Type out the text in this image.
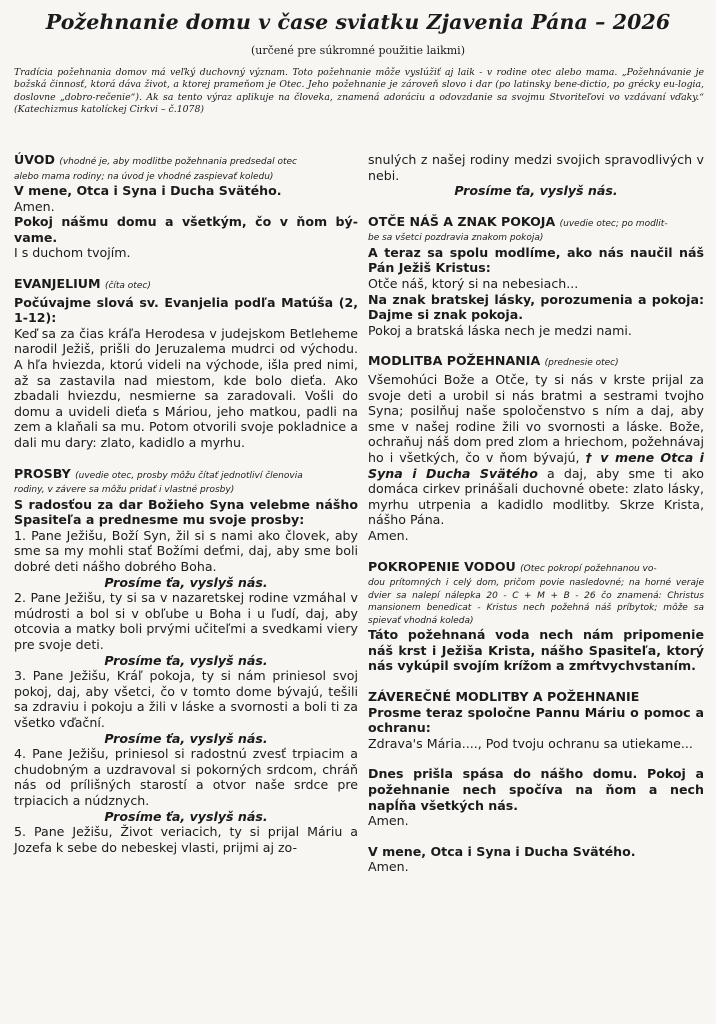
Požehnanie domu v čase sviatku Zjavenia Pána – 2026
(určené pre súkromné použitie laikmi)
Tradícia požehnania domov má veľký duchovný význam. Toto požehnanie môže vyslúžiť aj laik - v rodine otec alebo mama. „Požehnávanie je božská činnosť, ktorá dáva život, a ktorej prameňom je Otec. Jeho požehnanie je zároveň slovo i dar (po latinsky bene-dictio, po grécky eu-logia, doslovne „dobro-rečenie“). Ak sa tento výraz aplikuje na človeka, znamená adoráciu a odovzdanie sa svojmu Stvoriteľovi vo vzdávaní vďaky.“ (Katechizmus katolíckej Cirkvi – č.1078)
ÚVOD (vhodné je, aby modlitbe požehnania predsedal otec

alebo mama rodiny; na úvod je vhodné zaspievať koledu)

V mene, Otca i Syna i Ducha Svätého.

Amen.

Pokoj nášmu domu a všetkým, čo v ňom bývame.

I s duchom tvojím.

EVANJELIUM (číta otec)

Počúvajme slová sv. Evanjelia podľa Matúša (2, 1-12):

Keď sa za čias kráľa Herodesa v judejskom Betleheme narodil Ježiš, prišli do Jeruzalema mudrci od východu. A hľa hviezda, ktorú videli na východe, išla pred nimi, až sa zastavila nad miestom, kde bolo dieťa. Ako zbadali hviezdu, nesmierne sa zaradovali. Vošli do domu a uvideli dieťa s Máriou, jeho matkou, padli na zem a klaňali sa mu. Potom otvorili svoje pokladnice a dali mu dary: zlato, kadidlo a myrhu.

PROSBY (uvedie otec, prosby môžu čítať jednotliví členovia

rodiny, v závere sa môžu pridať i vlastné prosby)

S radosťou za dar Božieho Syna velebme nášho Spasiteľa a prednesme mu svoje prosby:

1. Pane Ježišu, Boží Syn, žil si s nami ako človek, aby sme sa my mohli stať Božími deťmi, daj, aby sme boli dobré deti nášho dobrého Boha.

Prosíme ťa, vyslyš nás.

2. Pane Ježišu, ty si sa v nazaretskej rodine vzmáhal v múdrosti a bol si v obľube u Boha i u ľudí, daj, aby otcovia a matky boli prvými učiteľmi a svedkami viery pre svoje deti.

Prosíme ťa, vyslyš nás.

3. Pane Ježišu, Kráľ pokoja, ty si nám priniesol svoj pokoj, daj, aby všetci, čo v tomto dome bývajú, tešili sa zdraviu i pokoju a žili v láske a svornosti a boli ti za všetko vďační.

Prosíme ťa, vyslyš nás.

4. Pane Ježišu, priniesol si radostnú zvesť trpiacim a chudobným a uzdravoval si pokorných srdcom, chráň nás od prílišných starostí a otvor naše srdce pre trpiacich a núdznych.

Prosíme ťa, vyslyš nás.

5. Pane Ježišu, Život veriacich, ty si prijal Máriu a Jozefa k sebe do nebeskej vlasti, prijmi aj zo-

snulých z našej rodiny medzi svojich spravodlivých v nebi.

Prosíme ťa, vyslyš nás.

OTČE NÁŠ A ZNAK POKOJA (uvedie otec; po modlit-

be sa všetci pozdravia znakom pokoja)

A teraz sa spolu modlíme, ako nás naučil náš Pán Ježiš Kristus:

Otče náš, ktorý si na nebesiach...

Na znak bratskej lásky, porozumenia a pokoja: Dajme si znak pokoja.

Pokoj a bratská láska nech je medzi nami.

MODLITBA POŽEHNANIA (prednesie otec)

Všemohúci Bože a Otče, ty si nás v krste prijal za svoje deti a urobil si nás bratmi a sestrami tvojho Syna; posilňuj naše spoločenstvo s ním a daj, aby sme v našej rodine žili vo svornosti a láske. Bože, ochraňuj náš dom pred zlom a hriechom, požehnávaj ho i všetkých, čo v ňom bývajú, † v mene Otca i Syna i Ducha Svätého a daj, aby sme ti ako domáca cirkev prinášali duchovné obete: zlato lásky, myrhu utrpenia a kadidlo modlitby. Skrze Krista, nášho Pána.

Amen.

POKROPENIE VODOU (Otec pokropí požehnanou vo-

dou prítomných i celý dom, pričom povie nasledovné; na horné veraje dvier sa nalepí nálepka 20 - C + M + B - 26 čo znamená: Christus mansionem benedicat - Kristus nech požehná náš príbytok; môže sa spievať vhodná koleda)

Táto požehnaná voda nech nám pripomenie náš krst i Ježiša Krista, nášho Spasiteľa, ktorý nás vykúpil svojím krížom a zmŕtvychvstaním.

ZÁVEREČNÉ MODLITBY A POŽEHNANIE

Prosme teraz spoločne Pannu Máriu o pomoc a ochranu:

Zdrava's Mária...., Pod tvoju ochranu sa utiekame...

Dnes prišla spása do nášho domu. Pokoj a požehnanie nech spočíva na ňom a nech napĺňa všetkých nás.

Amen.

V mene, Otca i Syna i Ducha Svätého.

Amen.
